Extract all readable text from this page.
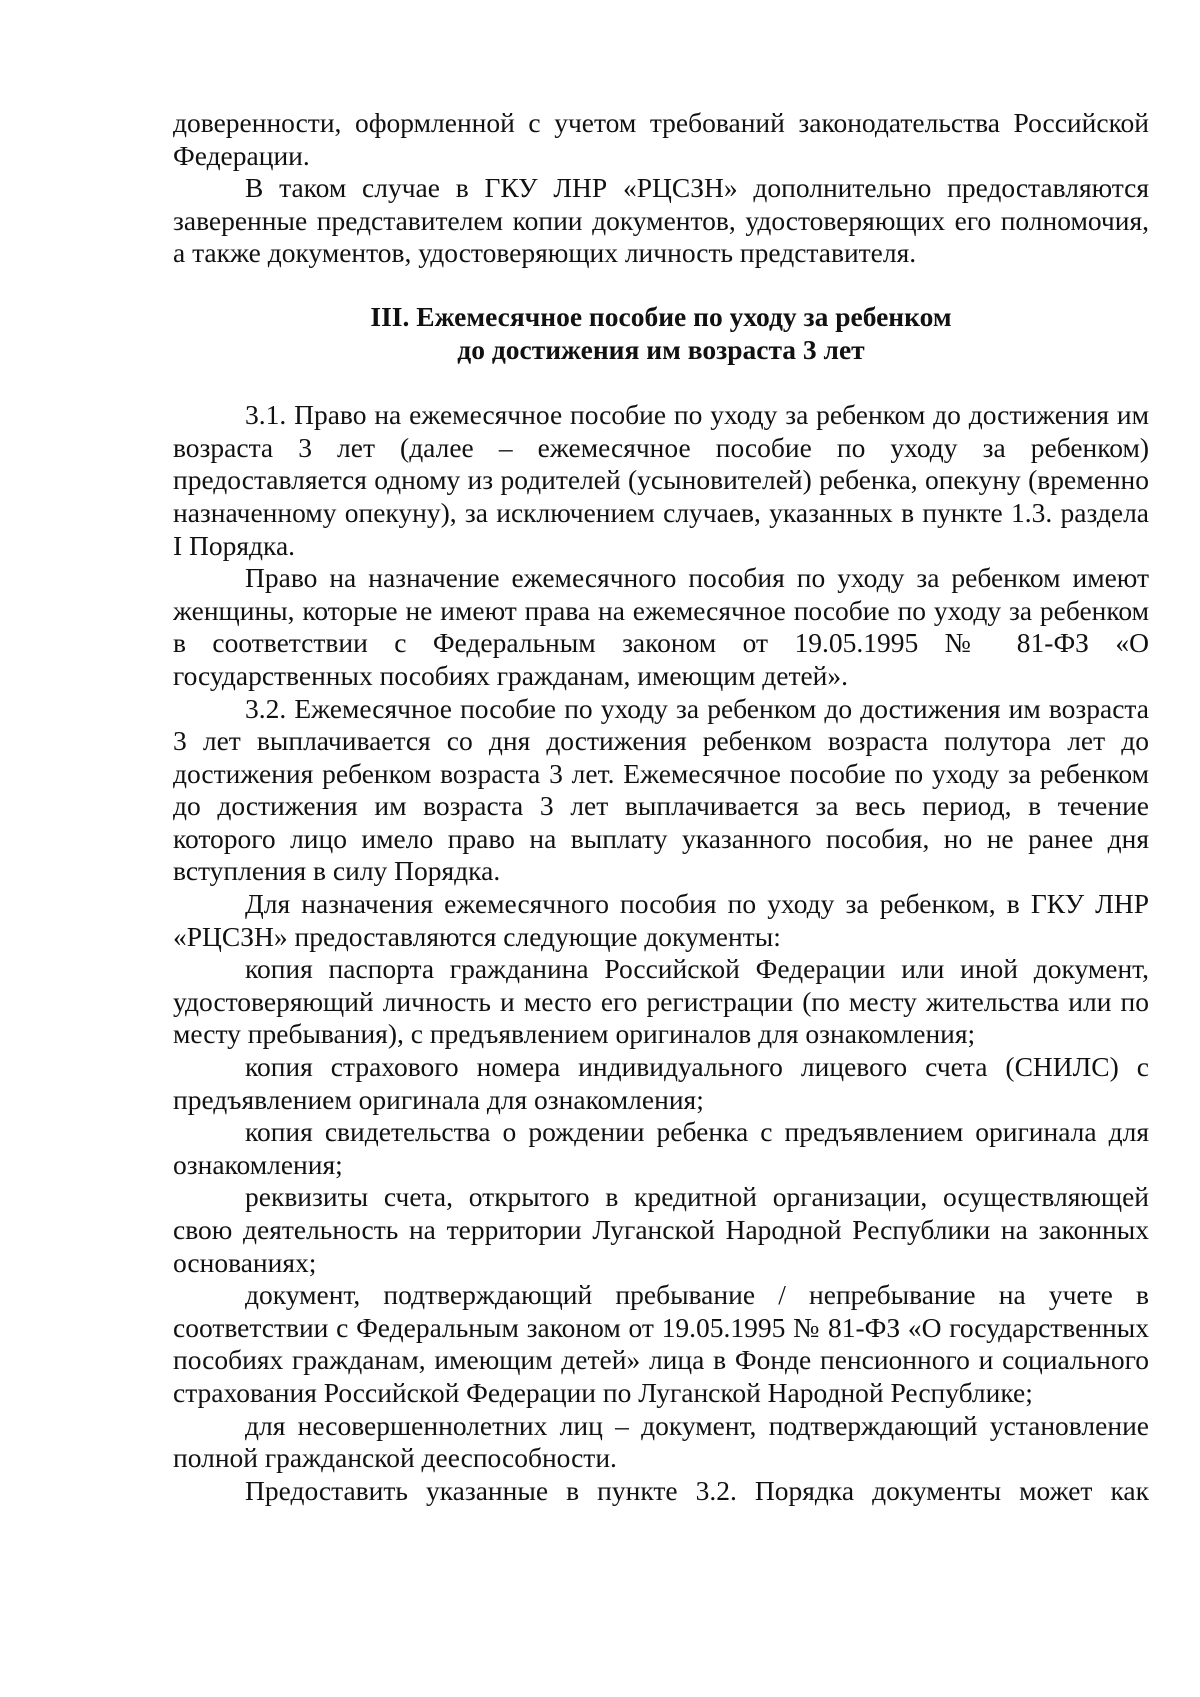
доверенности, оформленной с учетом требований законодательства Российской Федерации.

В таком случае в ГКУ ЛНР «РЦСЗН» дополнительно предоставляются заверенные представителем копии документов, удостоверяющих его полномочия, а также документов, удостоверяющих личность представителя.

III. Ежемесячное пособие по уходу за ребенком
до достижения им возраста 3 лет

3.1. Право на ежемесячное пособие по уходу за ребенком до достижения им возраста 3 лет (далее – ежемесячное пособие по уходу за ребенком) предоставляется одному из родителей (усыновителей) ребенка, опекуну (временно назначенному опекуну), за исключением случаев, указанных в пункте 1.3. раздела I Порядка.

Право на назначение ежемесячного пособия по уходу за ребенком имеют женщины, которые не имеют права на ежемесячное пособие по уходу за ребенком в соответствии с Федеральным законом от 19.05.1995 № 81-ФЗ «О государственных пособиях гражданам, имеющим детей».

3.2. Ежемесячное пособие по уходу за ребенком до достижения им возраста 3 лет выплачивается со дня достижения ребенком возраста полутора лет до достижения ребенком возраста 3 лет. Ежемесячное пособие по уходу за ребенком до достижения им возраста 3 лет выплачивается за весь период, в течение которого лицо имело право на выплату указанного пособия, но не ранее дня вступления в силу Порядка.

Для назначения ежемесячного пособия по уходу за ребенком, в ГКУ ЛНР «РЦСЗН» предоставляются следующие документы:

копия паспорта гражданина Российской Федерации или иной документ, удостоверяющий личность и место его регистрации (по месту жительства или по месту пребывания), с предъявлением оригиналов для ознакомления;

копия страхового номера индивидуального лицевого счета (СНИЛС) с предъявлением оригинала для ознакомления;

копия свидетельства о рождении ребенка с предъявлением оригинала для ознакомления;

реквизиты счета, открытого в кредитной организации, осуществляющей свою деятельность на территории Луганской Народной Республики на законных основаниях;

документ, подтверждающий пребывание / непребывание на учете в соответствии с Федеральным законом от 19.05.1995 № 81-ФЗ «О государственных пособиях гражданам, имеющим детей» лица в Фонде пенсионного и социального страхования Российской Федерации по Луганской Народной Республике;

для несовершеннолетних лиц – документ, подтверждающий установление полной гражданской дееспособности.

Предоставить указанные в пункте 3.2. Порядка документы может как
